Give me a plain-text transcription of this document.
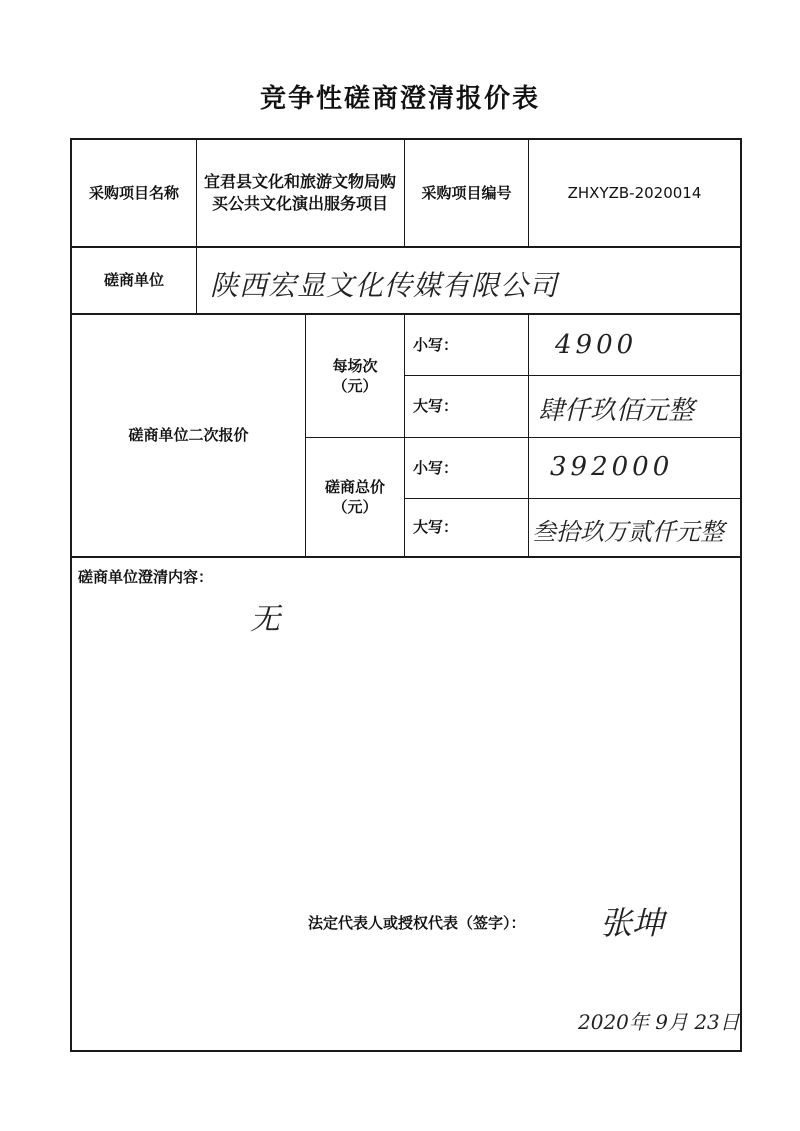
竞争性磋商澄清报价表
采购项目名称
宜君县文化和旅游文物局购买公共文化演出服务项目
采购项目编号	ZHXYZB-2020014
磋商单位	陕西宏显文化传媒有限公司
磋商单位二次报价
每场次
（元）
磋商总价
（元）
小写：
大写：
小写：
大写：
4900
肆仟玖佰元整
392000
叁拾玖万贰仟元整
磋商单位澄清内容：
无
法定代表人或授权代表（签字）： 张坤
2020年 9月 23日
